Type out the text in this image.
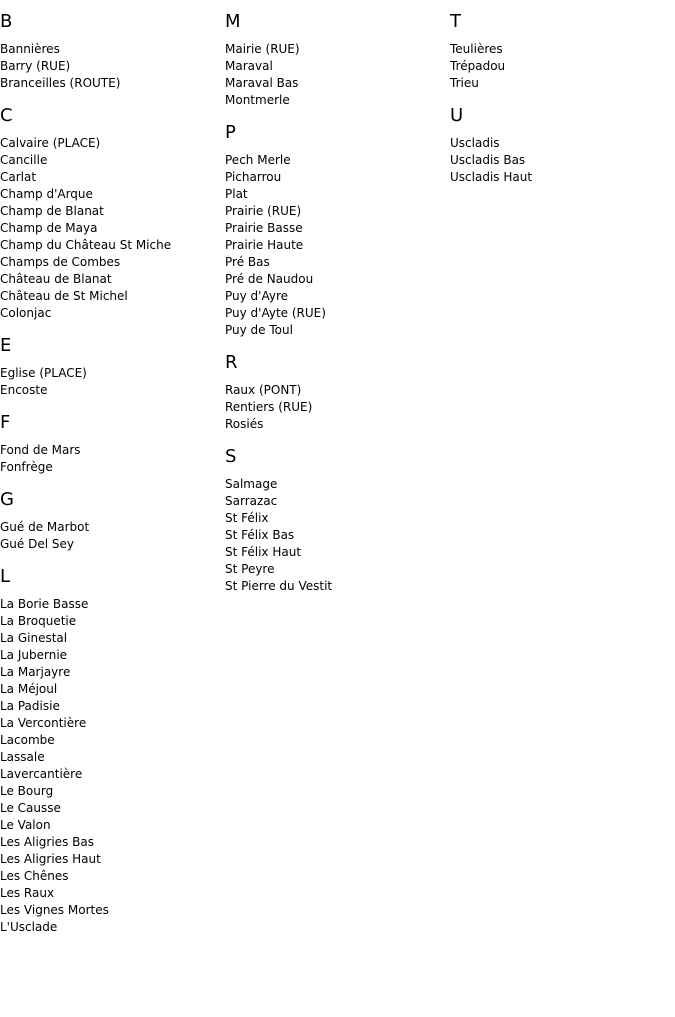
B
Bannières
Barry (RUE)
Branceilles (ROUTE)
C
Calvaire (PLACE)
Cancille
Carlat
Champ d'Arque
Champ de Blanat
Champ de Maya
Champ du Château St Miche
Champs de Combes
Château de Blanat
Château de St Michel
Colonjac
E
Eglise (PLACE)
Encoste
F
Fond de Mars
Fonfrège
G
Gué de Marbot
Gué Del Sey
L
La Borie Basse
La Broquetie
La Ginestal
La Jubernie
La Marjayre
La Méjoul
La Padisie
La Vercontière
Lacombe
Lassale
Lavercantière
Le Bourg
Le Causse
Le Valon
Les Aligries Bas
Les Aligries Haut
Les Chênes
Les Raux
Les Vignes Mortes
L'Usclade
M
Mairie (RUE)
Maraval
Maraval Bas
Montmerle
P
Pech Merle
Picharrou
Plat
Prairie (RUE)
Prairie Basse
Prairie Haute
Pré Bas
Pré de Naudou
Puy d'Ayre
Puy d'Ayte (RUE)
Puy de Toul
R
Raux (PONT)
Rentiers (RUE)
Rosiés
S
Salmage
Sarrazac
St Félix
St Félix Bas
St Félix Haut
St Peyre
St Pierre du Vestit
T
Teulières
Trépadou
Trieu
U
Uscladis
Uscladis Bas
Uscladis Haut
